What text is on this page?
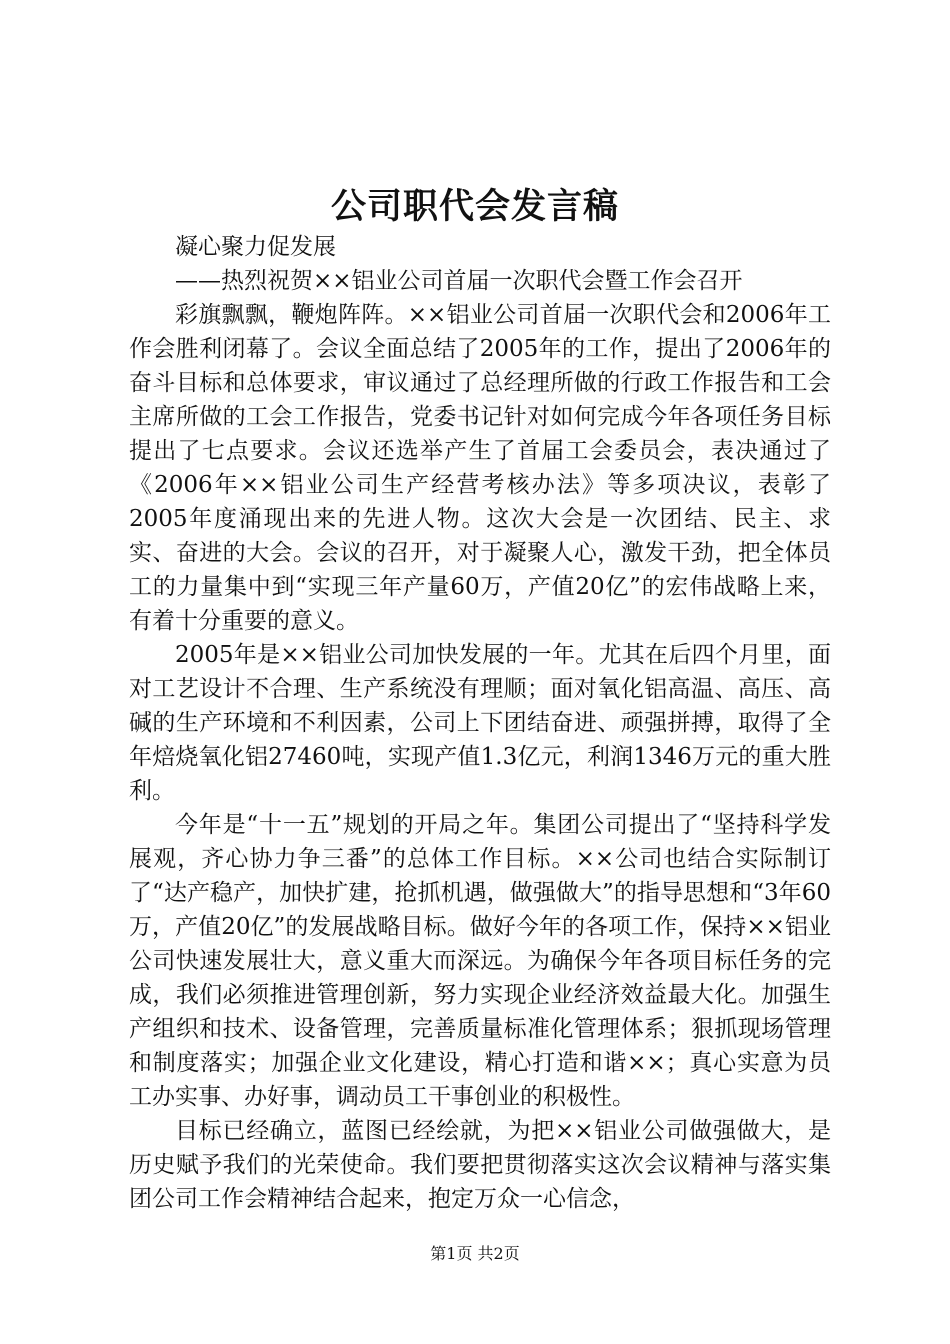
公司职代会发言稿

凝心聚力促发展

——热烈祝贺××铝业公司首届一次职代会暨工作会召开

彩旗飘飘，鞭炮阵阵。××铝业公司首届一次职代会和2006年工作会胜利闭幕了。会议全面总结了2005年的工作，提出了2006年的奋斗目标和总体要求，审议通过了总经理所做的行政工作报告和工会主席所做的工会工作报告，党委书记针对如何完成今年各项任务目标提出了七点要求。会议还选举产生了首届工会委员会，表决通过了《2006年××铝业公司生产经营考核办法》等多项决议，表彰了2005年度涌现出来的先进人物。这次大会是一次团结、民主、求实、奋进的大会。会议的召开，对于凝聚人心，激发干劲，把全体员工的力量集中到“实现三年产量60万，产值20亿”的宏伟战略上来，有着十分重要的意义。

2005年是××铝业公司加快发展的一年。尤其在后四个月里，面对工艺设计不合理、生产系统没有理顺；面对氧化铝高温、高压、高碱的生产环境和不利因素，公司上下团结奋进、顽强拼搏，取得了全年焙烧氧化铝27460吨，实现产值1.3亿元，利润1346万元的重大胜利。

今年是“十一五”规划的开局之年。集团公司提出了“坚持科学发展观，齐心协力争三番”的总体工作目标。××公司也结合实际制订了“达产稳产，加快扩建，抢抓机遇，做强做大”的指导思想和“3年60万，产值20亿”的发展战略目标。做好今年的各项工作，保持××铝业公司快速发展壮大，意义重大而深远。为确保今年各项目标任务的完成，我们必须推进管理创新，努力实现企业经济效益最大化。加强生产组织和技术、设备管理，完善质量标准化管理体系；狠抓现场管理和制度落实；加强企业文化建设，精心打造和谐××；真心实意为员工办实事、办好事，调动员工干事创业的积极性。

目标已经确立，蓝图已经绘就，为把××铝业公司做强做大，是历史赋予我们的光荣使命。我们要把贯彻落实这次会议精神与落实集团公司工作会精神结合起来，抱定万众一心信念，

第1页 共2页
